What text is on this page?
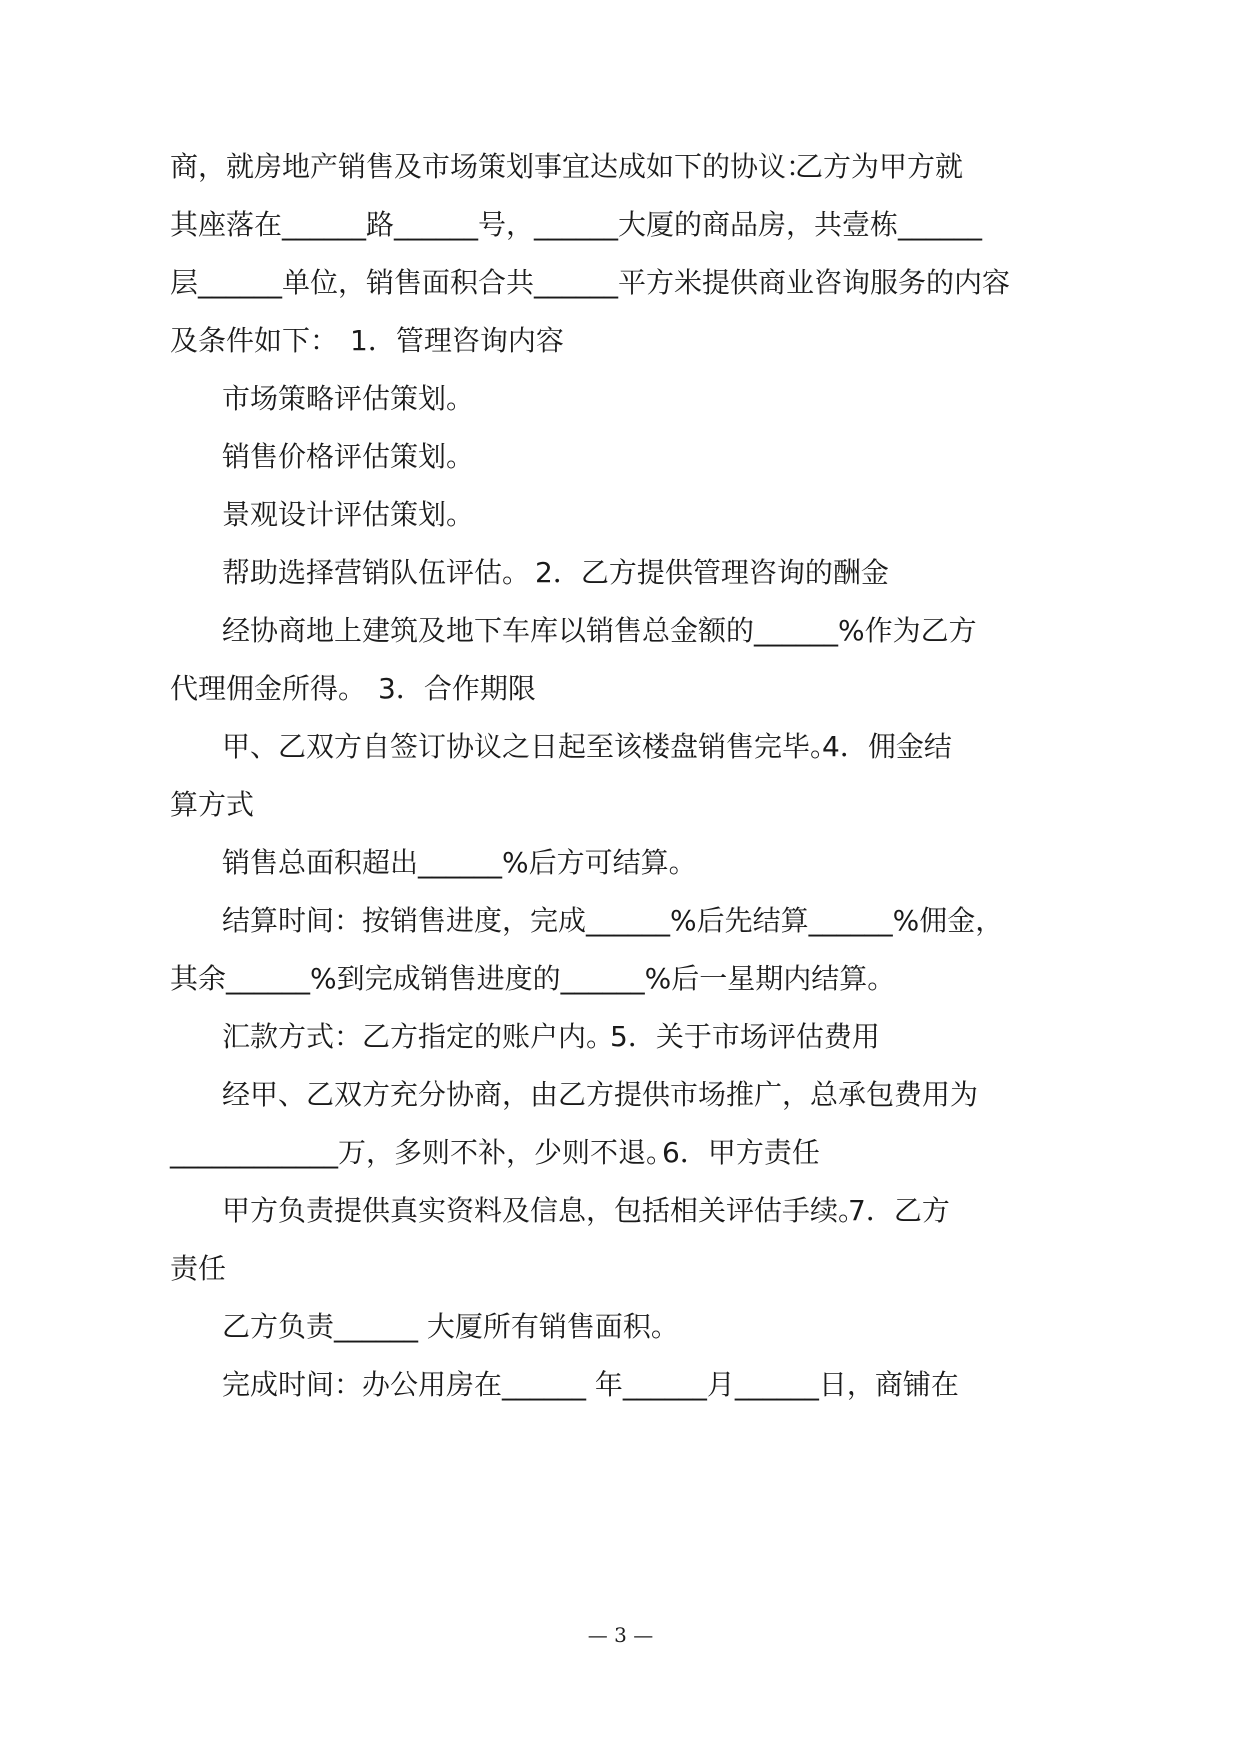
商，就房地产销售及市场策划事宜达成如下的协议：
乙方为甲方就
其座落在______路______号，______大厦的商品房，共壹栋______
层______单位，销售面积合共______平方米提供商业咨询服务的内容
及条件如下： 1．管理咨询内容
市场策略评估策划。
销售价格评估策划。
景观设计评估策划。
帮助选择营销队伍评估。 2．乙方提供管理咨询的酬金
经协商地上建筑及地下车库以销售总金额的______%作为乙方
代理佣金所得。 3．合作期限
甲、乙双方自签订协议之日起至该楼盘销售完毕。
4．佣金结
算方式
销售总面积超出______%后方可结算。
结算时间：按销售进度，完成______%后先结算______%佣金，
其余______%到完成销售进度的______%后一星期内结算。
汇款方式：乙方指定的账户内。
5．关于市场评估费用
经甲、乙双方充分协商，由乙方提供市场推广，总承包费用为
____________万，多则不补，少则不退。
6．甲方责任
甲方负责提供真实资料及信息，包括相关评估手续。
7．乙方
责任
乙方负责______ 大厦所有销售面积。
完成时间：办公用房在______ 年______月______日，商铺在
— 3 —
